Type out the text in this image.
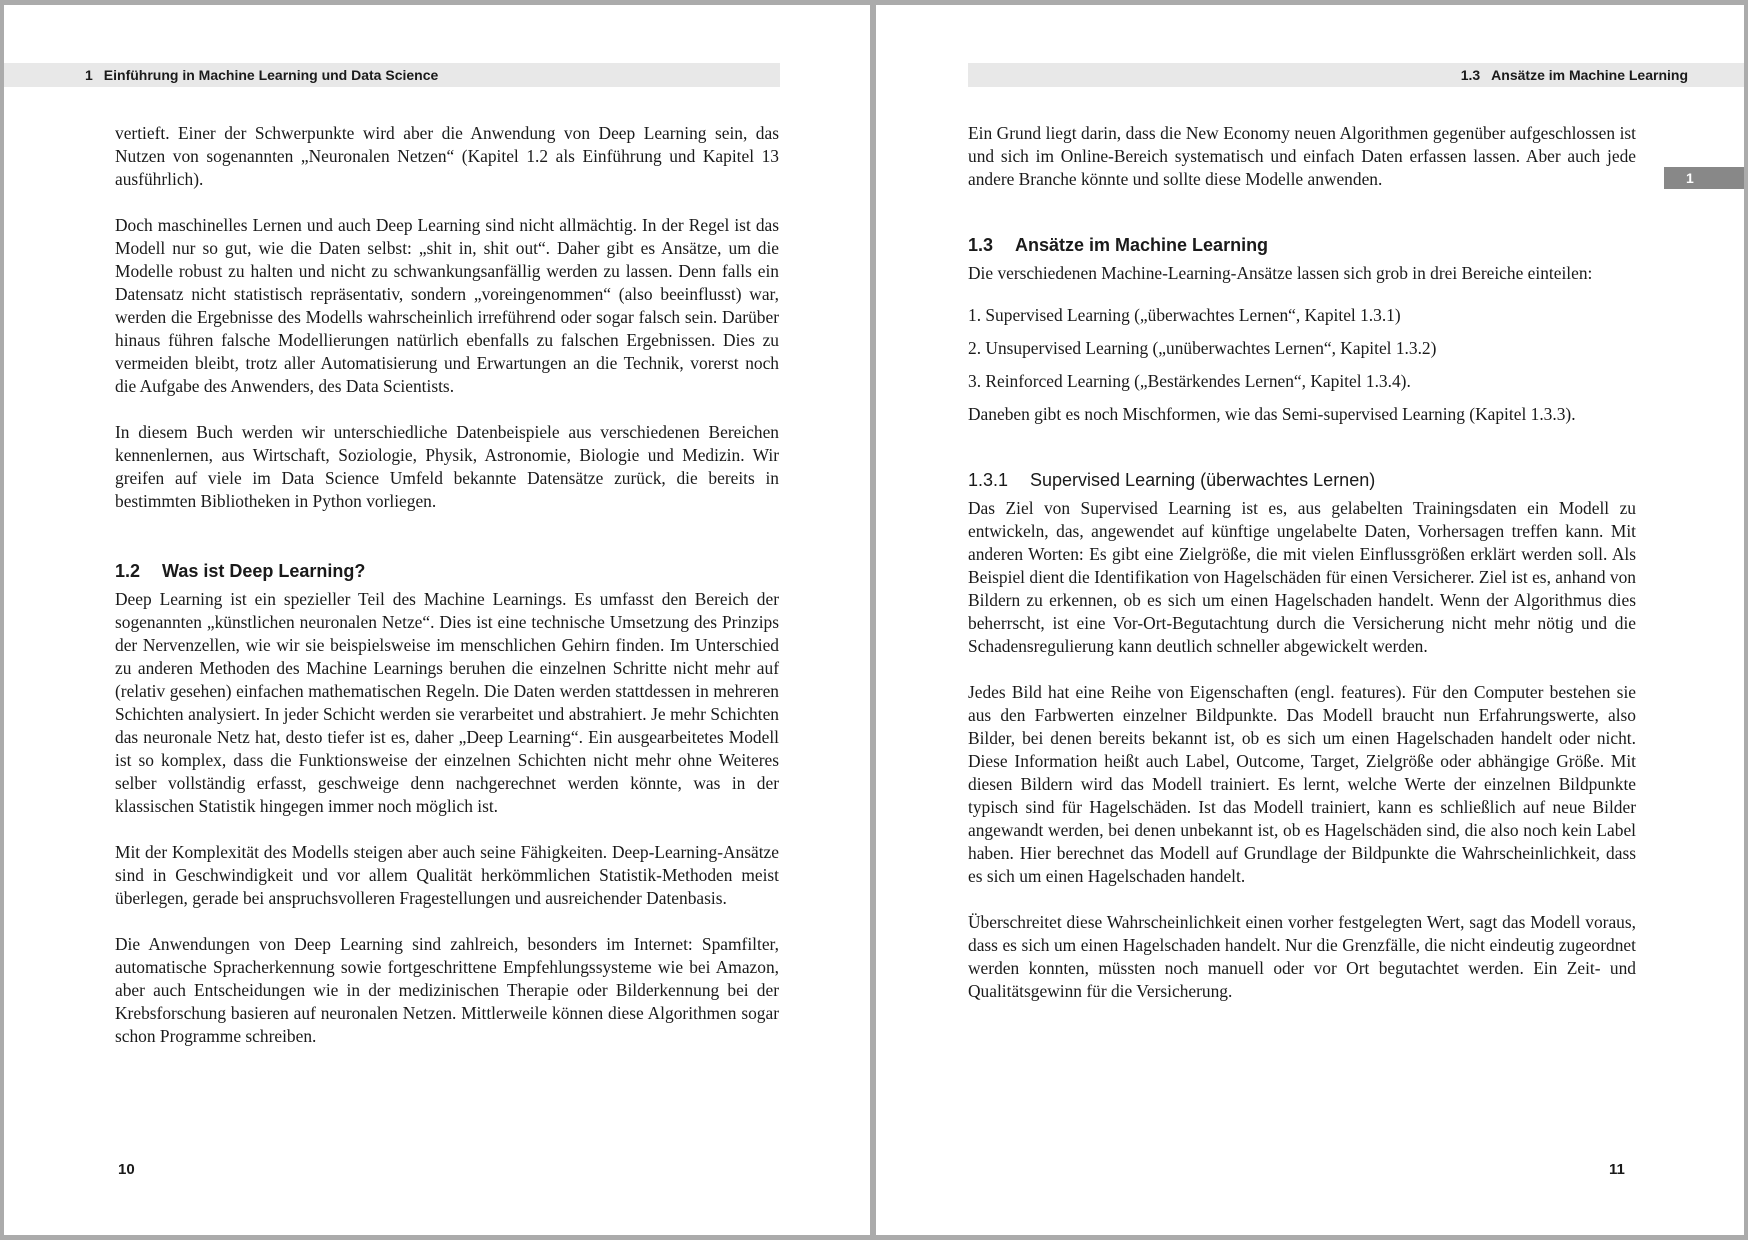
1 Einführung in Machine Learning und Data Science

vertieft. Einer der Schwerpunkte wird aber die Anwendung von Deep Learning sein, das Nutzen von sogenannten „Neuronalen Netzen“ (Kapitel 1.2 als Einführung und Kapitel 13 ausführlich).

Doch maschinelles Lernen und auch Deep Learning sind nicht allmächtig. In der Regel ist das Modell nur so gut, wie die Daten selbst: „shit in, shit out“. Daher gibt es Ansätze, um die Modelle robust zu halten und nicht zu schwankungsanfällig werden zu lassen. Denn falls ein Datensatz nicht statistisch repräsentativ, sondern „voreingenommen“ (also beeinflusst) war, werden die Ergebnisse des Modells wahrscheinlich irreführend oder sogar falsch sein. Darüber hinaus führen falsche Modellierungen natürlich ebenfalls zu falschen Ergebnissen. Dies zu vermeiden bleibt, trotz aller Automatisierung und Erwartungen an die Technik, vorerst noch die Aufgabe des Anwenders, des Data Scientists.

In diesem Buch werden wir unterschiedliche Datenbeispiele aus verschiedenen Bereichen kennenlernen, aus Wirtschaft, Soziologie, Physik, Astronomie, Biologie und Medizin. Wir greifen auf viele im Data Science Umfeld bekannte Datensätze zurück, die bereits in bestimmten Bibliotheken in Python vorliegen.

1.2 Was ist Deep Learning?

Deep Learning ist ein spezieller Teil des Machine Learnings. Es umfasst den Bereich der sogenannten „künstlichen neuronalen Netze“. Dies ist eine technische Umsetzung des Prinzips der Nervenzellen, wie wir sie beispielsweise im menschlichen Gehirn finden. Im Unterschied zu anderen Methoden des Machine Learnings beruhen die einzelnen Schritte nicht mehr auf (relativ gesehen) einfachen mathematischen Regeln. Die Daten werden stattdessen in mehreren Schichten analysiert. In jeder Schicht werden sie verarbeitet und abstrahiert. Je mehr Schichten das neuronale Netz hat, desto tiefer ist es, daher „Deep Learning“. Ein ausgearbeitetes Modell ist so komplex, dass die Funktionsweise der einzelnen Schichten nicht mehr ohne Weiteres selber vollständig erfasst, geschweige denn nachgerechnet werden könnte, was in der klassischen Statistik hingegen immer noch möglich ist.

Mit der Komplexität des Modells steigen aber auch seine Fähigkeiten. Deep-Learning-Ansätze sind in Geschwindigkeit und vor allem Qualität herkömmlichen Statistik-Methoden meist überlegen, gerade bei anspruchsvolleren Fragestellungen und ausreichender Datenbasis.

Die Anwendungen von Deep Learning sind zahlreich, besonders im Internet: Spamfilter, automatische Spracherkennung sowie fortgeschrittene Empfehlungssysteme wie bei Amazon, aber auch Entscheidungen wie in der medizinischen Therapie oder Bilderkennung bei der Krebsforschung basieren auf neuronalen Netzen. Mittlerweile können diese Algorithmen sogar schon Programme schreiben.

10
1.3 Ansätze im Machine Learning
1

Ein Grund liegt darin, dass die New Economy neuen Algorithmen gegenüber aufgeschlossen ist und sich im Online-Bereich systematisch und einfach Daten erfassen lassen. Aber auch jede andere Branche könnte und sollte diese Modelle anwenden.

1.3 Ansätze im Machine Learning

Die verschiedenen Machine-Learning-Ansätze lassen sich grob in drei Bereiche einteilen:

1. Supervised Learning („überwachtes Lernen“, Kapitel 1.3.1)

2. Unsupervised Learning („unüberwachtes Lernen“, Kapitel 1.3.2)

3. Reinforced Learning („Bestärkendes Lernen“, Kapitel 1.3.4).

Daneben gibt es noch Mischformen, wie das Semi-supervised Learning (Kapitel 1.3.3).

1.3.1 Supervised Learning (überwachtes Lernen)

Das Ziel von Supervised Learning ist es, aus gelabelten Trainingsdaten ein Modell zu entwickeln, das, angewendet auf künftige ungelabelte Daten, Vorhersagen treffen kann. Mit anderen Worten: Es gibt eine Zielgröße, die mit vielen Einflussgrößen erklärt werden soll. Als Beispiel dient die Identifikation von Hagelschäden für einen Versicherer. Ziel ist es, anhand von Bildern zu erkennen, ob es sich um einen Hagelschaden handelt. Wenn der Algorithmus dies beherrscht, ist eine Vor-Ort-Begutachtung durch die Versicherung nicht mehr nötig und die Schadensregulierung kann deutlich schneller abgewickelt werden.

Jedes Bild hat eine Reihe von Eigenschaften (engl. features). Für den Computer bestehen sie aus den Farbwerten einzelner Bildpunkte. Das Modell braucht nun Erfahrungswerte, also Bilder, bei denen bereits bekannt ist, ob es sich um einen Hagelschaden handelt oder nicht. Diese Information heißt auch Label, Outcome, Target, Zielgröße oder abhängige Größe. Mit diesen Bildern wird das Modell trainiert. Es lernt, welche Werte der einzelnen Bildpunkte typisch sind für Hagelschäden. Ist das Modell trainiert, kann es schließlich auf neue Bilder angewandt werden, bei denen unbekannt ist, ob es Hagelschäden sind, die also noch kein Label haben. Hier berechnet das Modell auf Grundlage der Bildpunkte die Wahrscheinlichkeit, dass es sich um einen Hagelschaden handelt.

Überschreitet diese Wahrscheinlichkeit einen vorher festgelegten Wert, sagt das Modell voraus, dass es sich um einen Hagelschaden handelt. Nur die Grenzfälle, die nicht eindeutig zugeordnet werden konnten, müssten noch manuell oder vor Ort begutachtet werden. Ein Zeit- und Qualitätsgewinn für die Versicherung.

11
